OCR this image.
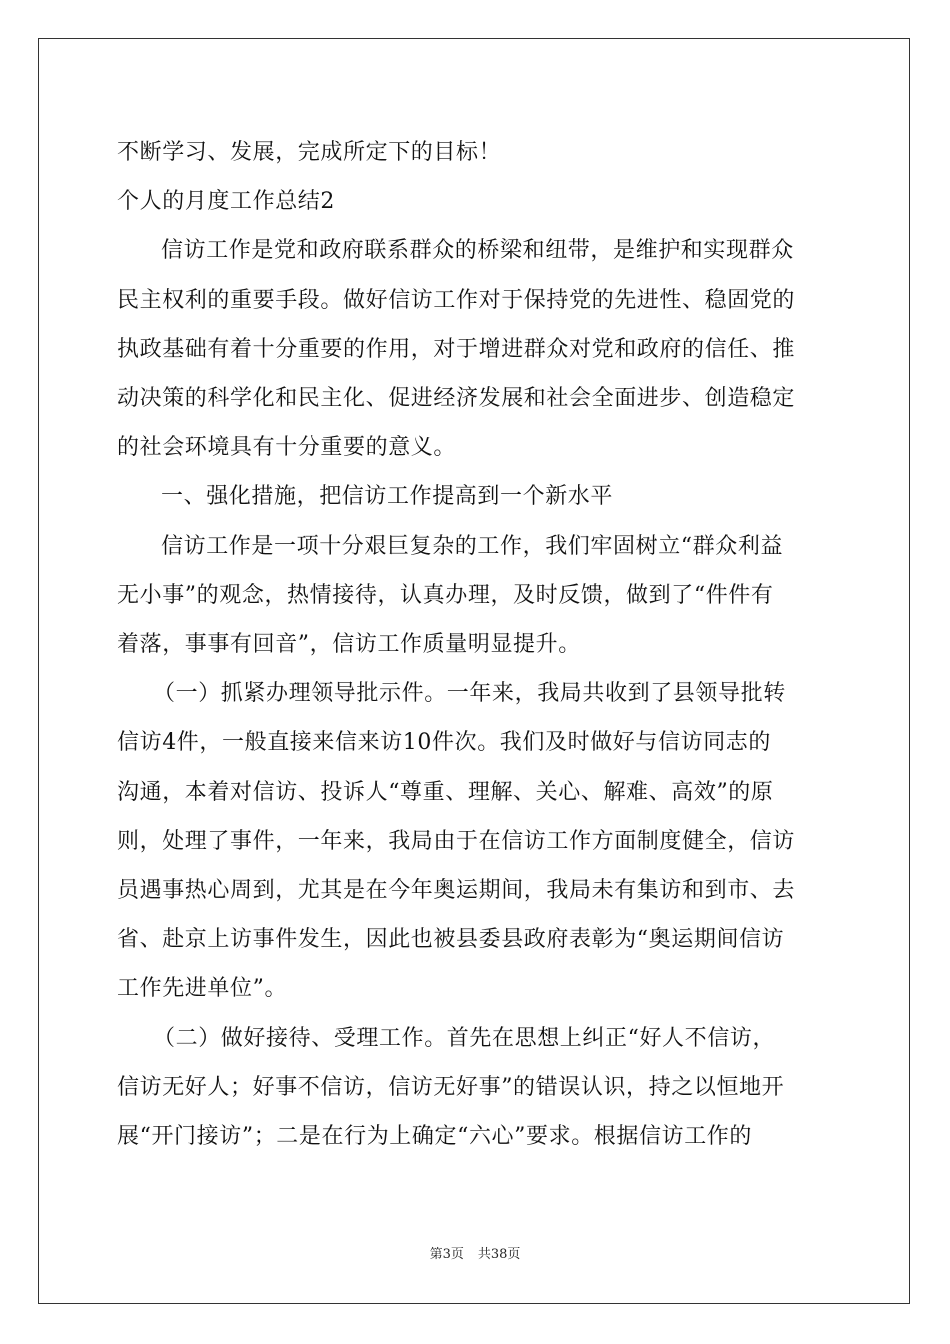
不断学习、发展，完成所定下的目标！
个人的月度工作总结2
信访工作是党和政府联系群众的桥梁和纽带，是维护和实现群众
民主权利的重要手段。做好信访工作对于保持党的先进性、稳固党的
执政基础有着十分重要的作用，对于增进群众对党和政府的信任、推
动决策的科学化和民主化、促进经济发展和社会全面进步、创造稳定
的社会环境具有十分重要的意义。
一、强化措施，把信访工作提高到一个新水平
信访工作是一项十分艰巨复杂的工作，我们牢固树立“群众利益
无小事”的观念，热情接待，认真办理，及时反馈，做到了“件件有
着落，事事有回音”，信访工作质量明显提升。
（一）抓紧办理领导批示件。一年来，我局共收到了县领导批转
信访4件，一般直接来信来访10件次。我们及时做好与信访同志的
沟通，本着对信访、投诉人“尊重、理解、关心、解难、高效”的原
则，处理了事件，一年来，我局由于在信访工作方面制度健全，信访
员遇事热心周到，尤其是在今年奥运期间，我局未有集访和到市、去
省、赴京上访事件发生，因此也被县委县政府表彰为“奥运期间信访
工作先进单位”。
（二）做好接待、受理工作。首先在思想上纠正“好人不信访，
信访无好人；好事不信访，信访无好事”的错误认识，持之以恒地开
展“开门接访”；二是在行为上确定“六心”要求。根据信访工作的
第3页 共38页
